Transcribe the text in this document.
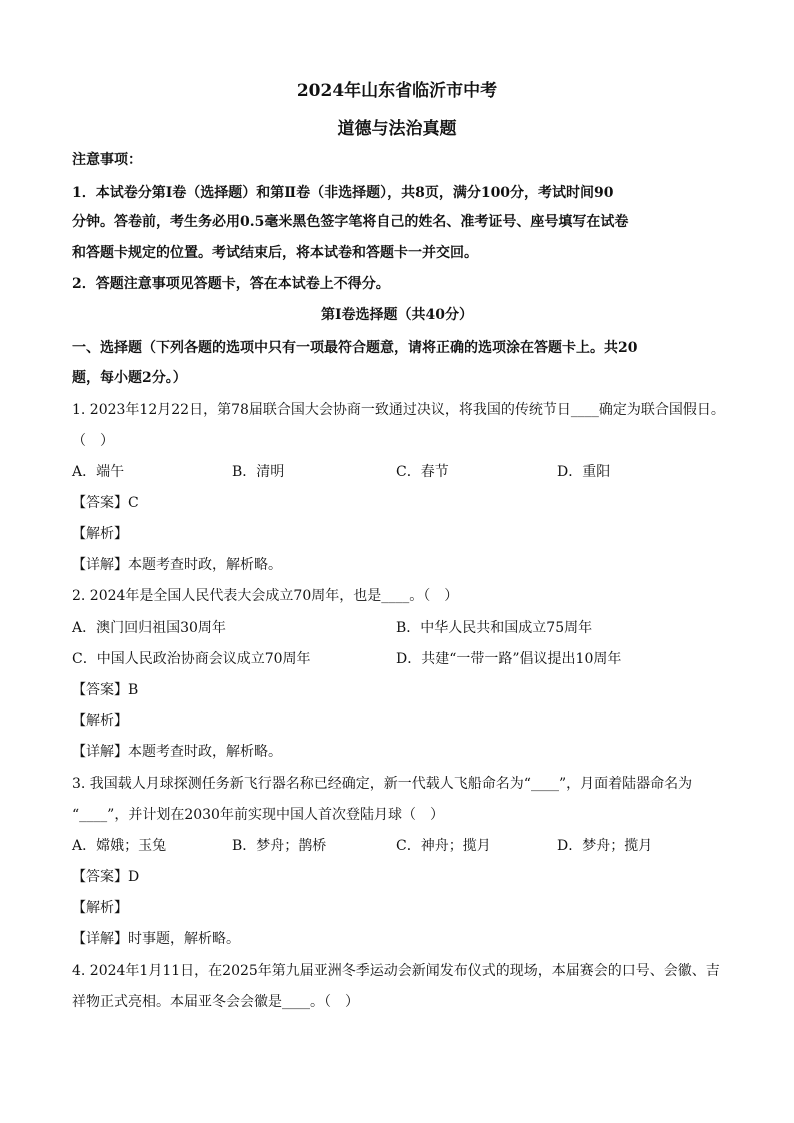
2024年山东省临沂市中考
道德与法治真题
注意事项：
1．本试卷分第Ⅰ卷（选择题）和第Ⅱ卷（非选择题），共8页，满分100分，考试时间90
分钟。答卷前，考生务必用0.5毫米黑色签字笔将自己的姓名、准考证号、座号填写在试卷
和答题卡规定的位置。考试结束后，将本试卷和答题卡一并交回。
2．答题注意事项见答题卡，答在本试卷上不得分。
第Ⅰ卷选择题（共40分）
一、选择题（下列各题的选项中只有一项最符合题意，请将正确的选项涂在答题卡上。共20
题，每小题2分。）
1. 2023年12月22日，第78届联合国大会协商一致通过决议，将我国的传统节日____确定为联合国假日。
（　）
A．端午	B．清明	C．春节	D．重阳
【答案】C
【解析】
【详解】本题考查时政，解析略。
2. 2024年是全国人民代表大会成立70周年，也是____。（　）
A．澳门回归祖国30周年	B．中华人民共和国成立75周年
C．中国人民政治协商会议成立70周年	D．共建“一带一路”倡议提出10周年
【答案】B
【解析】
【详解】本题考查时政，解析略。
3. 我国载人月球探测任务新飞行器名称已经确定，新一代载人飞船命名为“____”，月面着陆器命名为
“____”，并计划在2030年前实现中国人首次登陆月球（　）
A．嫦娥；玉兔	B．梦舟；鹊桥	C．神舟；揽月	D．梦舟；揽月
【答案】D
【解析】
【详解】时事题，解析略。
4. 2024年1月11日，在2025年第九届亚洲冬季运动会新闻发布仪式的现场，本届赛会的口号、会徽、吉
祥物正式亮相。本届亚冬会会徽是____。（　）
